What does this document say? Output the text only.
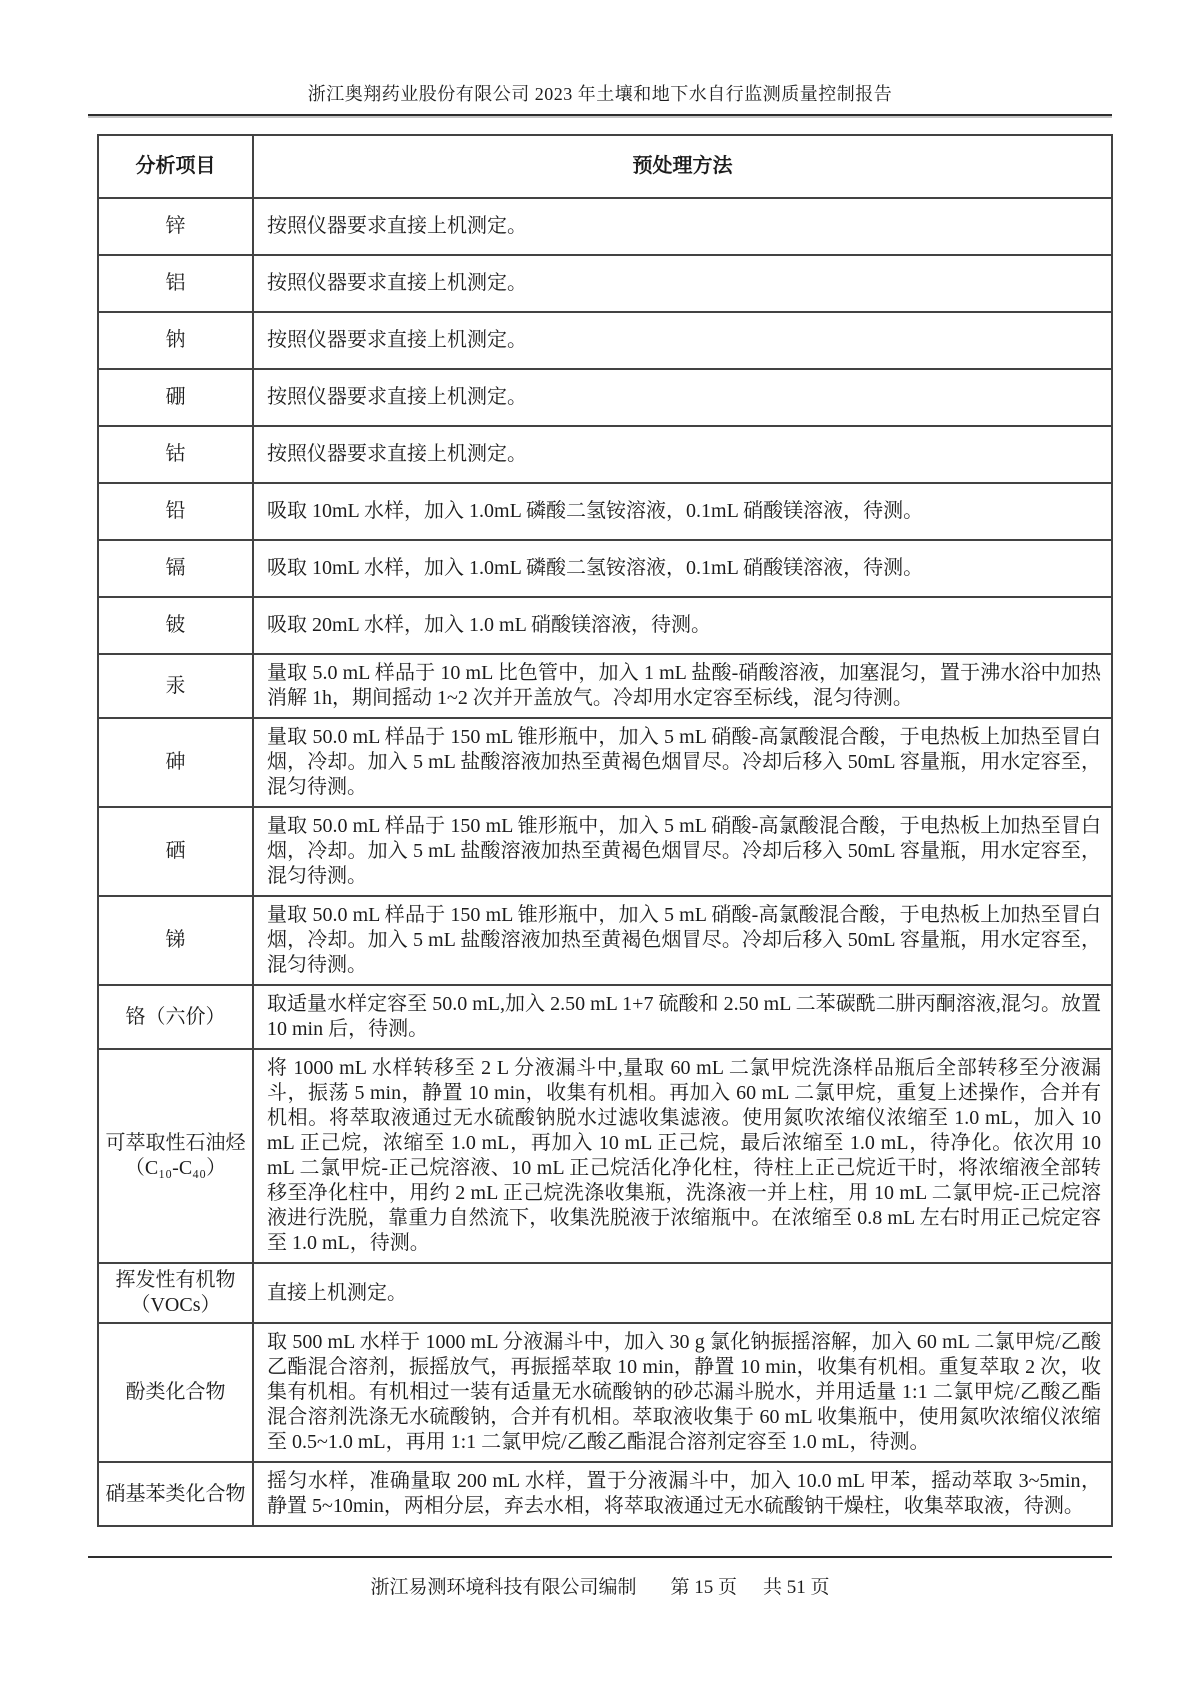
浙江奥翔药业股份有限公司 2023 年土壤和地下水自行监测质量控制报告
分析项目	预处理方法
锌	按照仪器要求直接上机测定。
铝	按照仪器要求直接上机测定。
钠	按照仪器要求直接上机测定。
硼	按照仪器要求直接上机测定。
钴	按照仪器要求直接上机测定。
铅	吸取 10mL 水样，加入 1.0mL 磷酸二氢铵溶液，0.1mL 硝酸镁溶液，待测。
镉	吸取 10mL 水样，加入 1.0mL 磷酸二氢铵溶液，0.1mL 硝酸镁溶液，待测。
铍	吸取 20mL 水样，加入 1.0 mL 硝酸镁溶液，待测。
汞	量取 5.0 mL 样品于 10 mL 比色管中，加入 1 mL 盐酸-硝酸溶液，加塞混匀，置于沸水浴中加热消解 1h，期间摇动 1~2 次并开盖放气。冷却用水定容至标线，混匀待测。
砷	量取 50.0 mL 样品于 150 mL 锥形瓶中，加入 5 mL 硝酸-高氯酸混合酸，于电热板上加热至冒白烟，冷却。加入 5 mL 盐酸溶液加热至黄褐色烟冒尽。冷却后移入 50mL 容量瓶，用水定容至，混匀待测。
硒	量取 50.0 mL 样品于 150 mL 锥形瓶中，加入 5 mL 硝酸-高氯酸混合酸，于电热板上加热至冒白烟，冷却。加入 5 mL 盐酸溶液加热至黄褐色烟冒尽。冷却后移入 50mL 容量瓶，用水定容至，混匀待测。
锑	量取 50.0 mL 样品于 150 mL 锥形瓶中，加入 5 mL 硝酸-高氯酸混合酸，于电热板上加热至冒白烟，冷却。加入 5 mL 盐酸溶液加热至黄褐色烟冒尽。冷却后移入 50mL 容量瓶，用水定容至，混匀待测。
铬（六价）	取适量水样定容至 50.0 mL,加入 2.50 mL 1+7 硫酸和 2.50 mL 二苯碳酰二肼丙酮溶液,混匀。放置 10 min 后，待测。
可萃取性石油烃（C₁₀-C₄₀）	将 1000 mL 水样转移至 2 L 分液漏斗中,量取 60 mL 二氯甲烷洗涤样品瓶后全部转移至分液漏斗，振荡 5 min，静置 10 min，收集有机相。再加入 60 mL 二氯甲烷，重复上述操作，合并有机相。将萃取液通过无水硫酸钠脱水过滤收集滤液。使用氮吹浓缩仪浓缩至 1.0 mL，加入 10 mL 正己烷，浓缩至 1.0 mL，再加入 10 mL 正己烷，最后浓缩至 1.0 mL，待净化。依次用 10 mL 二氯甲烷-正己烷溶液、10 mL 正己烷活化净化柱，待柱上正己烷近干时，将浓缩液全部转移至净化柱中，用约 2 mL 正己烷洗涤收集瓶，洗涤液一并上柱，用 10 mL 二氯甲烷-正己烷溶液进行洗脱，靠重力自然流下，收集洗脱液于浓缩瓶中。在浓缩至 0.8 mL 左右时用正己烷定容至 1.0 mL，待测。
挥发性有机物（VOCs）	直接上机测定。
酚类化合物	取 500 mL 水样于 1000 mL 分液漏斗中，加入 30 g 氯化钠振摇溶解，加入 60 mL 二氯甲烷/乙酸乙酯混合溶剂，振摇放气，再振摇萃取 10 min，静置 10 min，收集有机相。重复萃取 2 次，收集有机相。有机相过一装有适量无水硫酸钠的砂芯漏斗脱水，并用适量 1:1 二氯甲烷/乙酸乙酯混合溶剂洗涤无水硫酸钠，合并有机相。萃取液收集于 60 mL 收集瓶中，使用氮吹浓缩仪浓缩至 0.5~1.0 mL，再用 1:1 二氯甲烷/乙酸乙酯混合溶剂定容至 1.0 mL，待测。
硝基苯类化合物	摇匀水样，准确量取 200 mL 水样，置于分液漏斗中，加入 10.0 mL 甲苯，摇动萃取 3~5min，静置 5~10min，两相分层，弃去水相，将萃取液通过无水硫酸钠干燥柱，收集萃取液，待测。
浙江易测环境科技有限公司编制 第 15 页 共 51 页
